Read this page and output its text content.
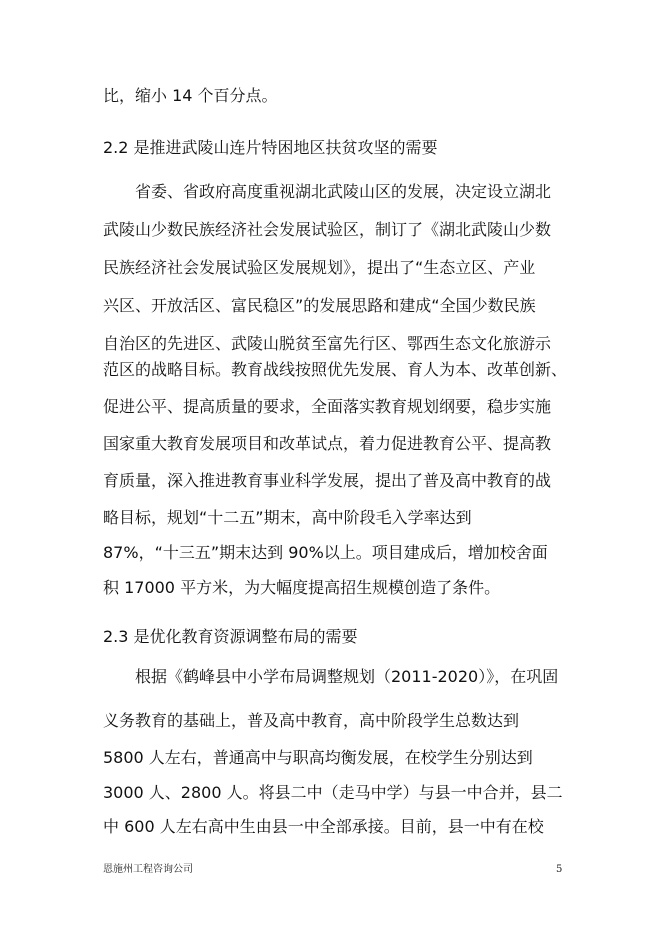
比，缩小 14 个百分点。

2.2 是推进武陵山连片特困地区扶贫攻坚的需要

　　省委、省政府高度重视湖北武陵山区的发展，决定设立湖北

武陵山少数民族经济社会发展试验区，制订了《湖北武陵山少数

民族经济社会发展试验区发展规划》，提出了“生态立区、产业

兴区、开放活区、富民稳区”的发展思路和建成“全国少数民族

自治区的先进区、武陵山脱贫至富先行区、鄂西生态文化旅游示

范区的战略目标。教育战线按照优先发展、育人为本、改革创新、

促进公平、提高质量的要求，全面落实教育规划纲要，稳步实施

国家重大教育发展项目和改革试点，着力促进教育公平、提高教

育质量，深入推进教育事业科学发展，提出了普及高中教育的战

略目标，规划“十二五”期末，高中阶段毛入学率达到

87%，“十三五”期末达到 90%以上。项目建成后，增加校舍面

积 17000 平方米，为大幅度提高招生规模创造了条件。

2.3 是优化教育资源调整布局的需要

　　根据《鹤峰县中小学布局调整规划（2011-2020）》，在巩固

义务教育的基础上，普及高中教育，高中阶段学生总数达到

5800 人左右，普通高中与职高均衡发展，在校学生分别达到

3000 人、2800 人。将县二中（走马中学）与县一中合并，县二

中 600 人左右高中生由县一中全部承接。目前，县一中有在校

恩施州工程咨询公司	5
